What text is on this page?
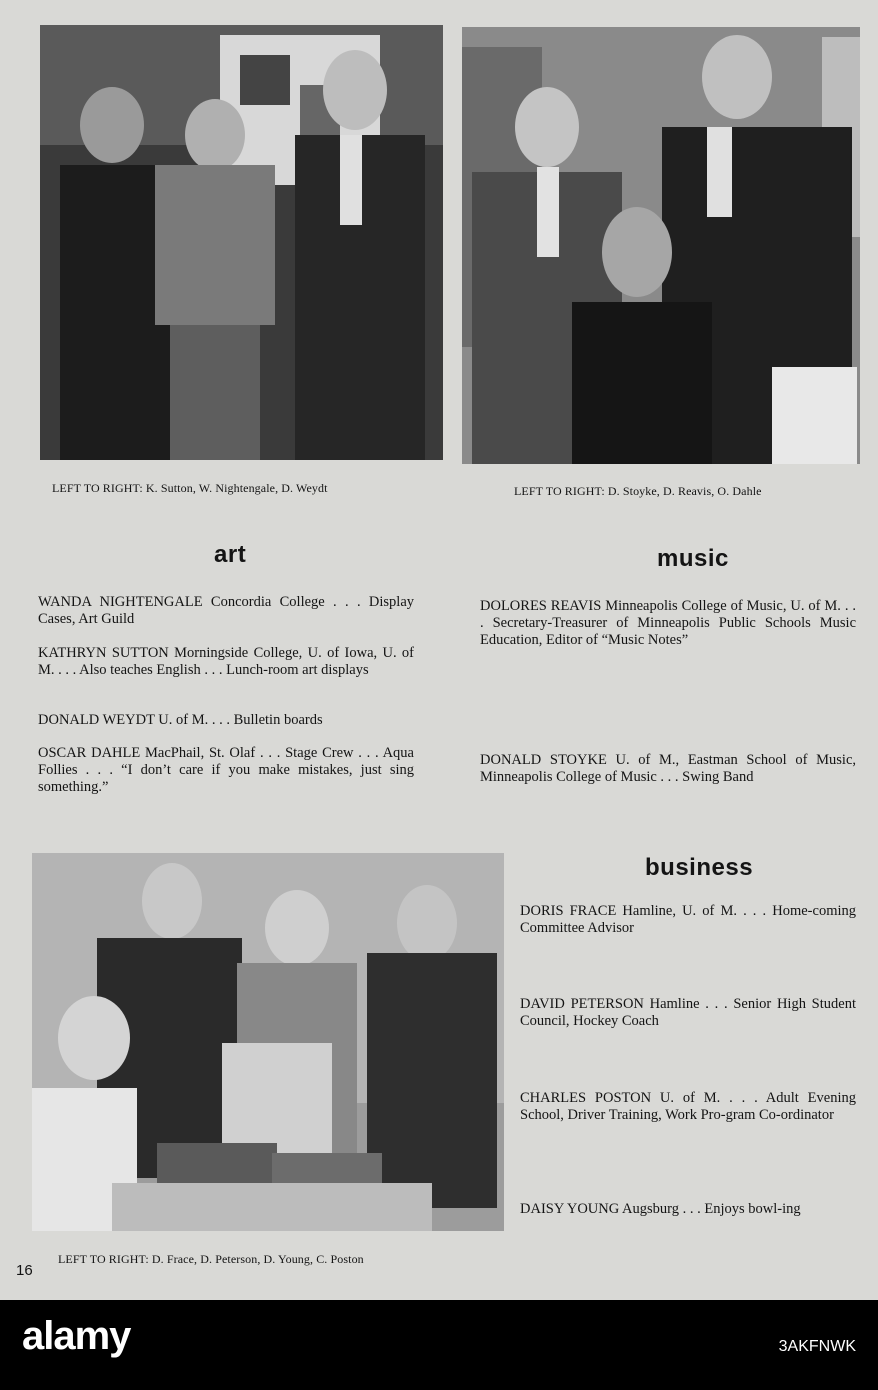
LEFT TO RIGHT: K. Sutton, W. Nightengale, D. Weydt	LEFT TO RIGHT: D. Stoyke, D. Reavis, O. Dahle
art
WANDA NIGHTENGALE Concordia College . . . Display Cases, Art Guild
KATHRYN SUTTON Morningside College, U. of Iowa, U. of M. . . . Also teaches English . . . Lunch-room art displays
DONALD WEYDT U. of M. . . . Bulletin boards
OSCAR DAHLE MacPhail, St. Olaf . . . Stage Crew . . . Aqua Follies . . . “I don’t care if you make mistakes, just sing something.”
music
DOLORES REAVIS Minneapolis College of Music, U. of M. . . . Secretary-Treasurer of Minneapolis Public Schools Music Education, Editor of “Music Notes”
DONALD STOYKE U. of M., Eastman School of Music, Minneapolis College of Music . . . Swing Band
business
DORIS FRACE Hamline, U. of M. . . . Home-coming Committee Advisor
DAVID PETERSON Hamline . . . Senior High Student Council, Hockey Coach
CHARLES POSTON U. of M. . . . Adult Evening School, Driver Training, Work Pro-gram Co-ordinator
DAISY YOUNG Augsburg . . . Enjoys bowl-ing
LEFT TO RIGHT: D. Frace, D. Peterson, D. Young, C. Poston
16
alamy	3AKFNWK
